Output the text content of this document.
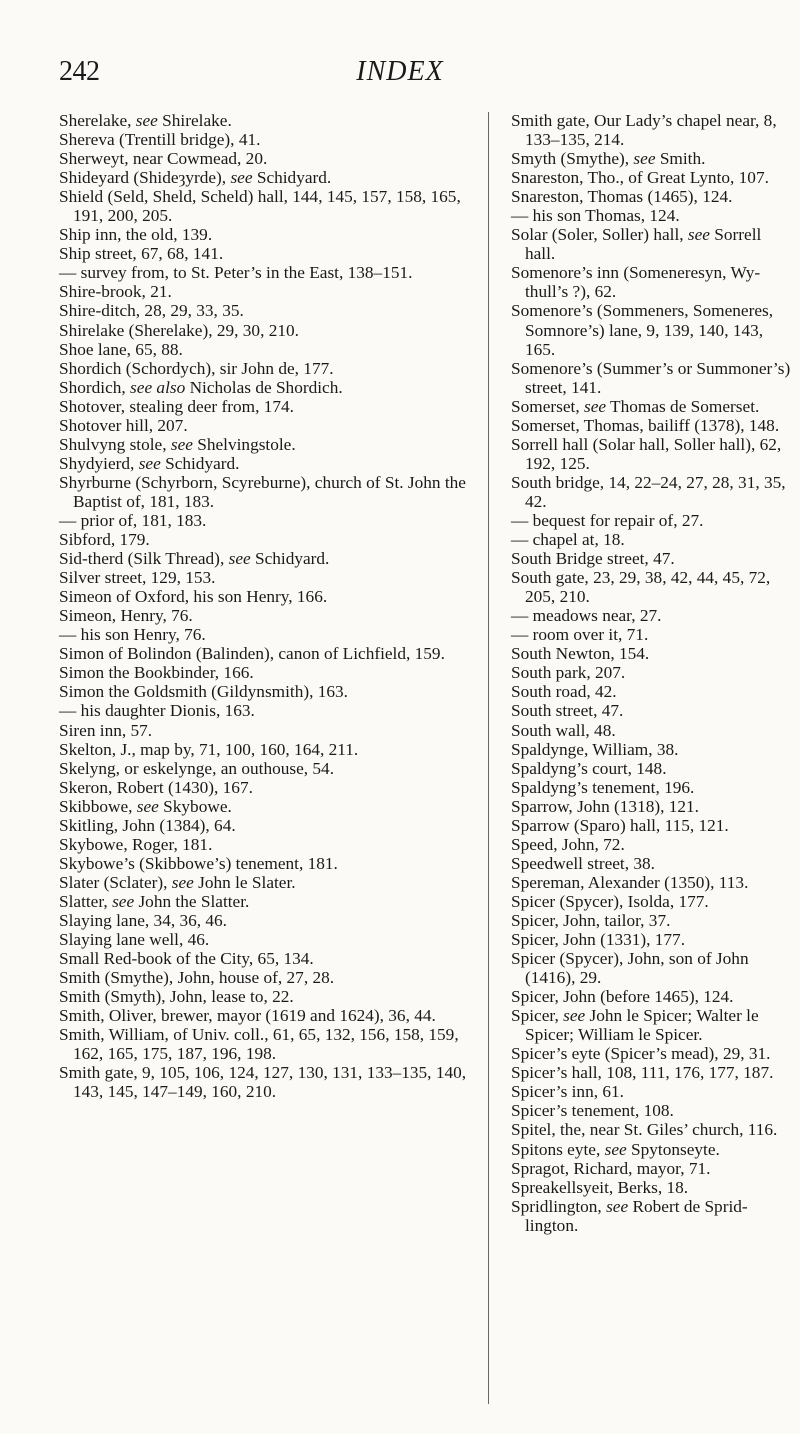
242	INDEX
Sherelake, see Shirelake.
Shereva (Trentill bridge), 41.
Sherweyt, near Cowmead, 20.
Shideyard (Shideȝyrde), see Schidyard.
Shield (Seld, Sheld, Scheld) hall, 144, 145, 157, 158, 165, 191, 200, 205.
Ship inn, the old, 139.
Ship street, 67, 68, 141.
— survey from, to St. Peter’s in the East, 138–151.
Shire-brook, 21.
Shire-ditch, 28, 29, 33, 35.
Shirelake (Sherelake), 29, 30, 210.
Shoe lane, 65, 88.
Shordich (Schordych), sir John de, 177.
Shordich, see also Nicholas de Shordich.
Shotover, stealing deer from, 174.
Shotover hill, 207.
Shulvyng stole, see Shelvingstole.
Shydyierd, see Schidyard.
Shyrburne (Schyrborn, Scyreburne), church of St. John the Baptist of, 181, 183.
— prior of, 181, 183.
Sibford, 179.
Sid-therd (Silk Thread), see Schidyard.
Silver street, 129, 153.
Simeon of Oxford, his son Henry, 166.
Simeon, Henry, 76.
— his son Henry, 76.
Simon of Bolindon (Balinden), canon of Lichfield, 159.
Simon the Bookbinder, 166.
Simon the Goldsmith (Gildynsmith), 163.
— his daughter Dionis, 163.
Siren inn, 57.
Skelton, J., map by, 71, 100, 160, 164, 211.
Skelyng, or eskelynge, an outhouse, 54.
Skeron, Robert (1430), 167.
Skibbowe, see Skybowe.
Skitling, John (1384), 64.
Skybowe, Roger, 181.
Skybowe’s (Skibbowe’s) tenement, 181.
Slater (Sclater), see John le Slater.
Slatter, see John the Slatter.
Slaying lane, 34, 36, 46.
Slaying lane well, 46.
Small Red-book of the City, 65, 134.
Smith (Smythe), John, house of, 27, 28.
Smith (Smyth), John, lease to, 22.
Smith, Oliver, brewer, mayor (1619 and 1624), 36, 44.
Smith, William, of Univ. coll., 61, 65, 132, 156, 158, 159, 162, 165, 175, 187, 196, 198.
Smith gate, 9, 105, 106, 124, 127, 130, 131, 133–135, 140, 143, 145, 147–149, 160, 210.
Smith gate, Our Lady’s chapel near, 8, 133–135, 214.
Smyth (Smythe), see Smith.
Snareston, Tho., of Great Lynto, 107.
Snareston, Thomas (1465), 124.
— his son Thomas, 124.
Solar (Soler, Soller) hall, see Sorrell hall.
Somenore’s inn (Someneresyn, Wy-thull’s ?), 62.
Somenore’s (Sommeners, Someneres, Somnore’s) lane, 9, 139, 140, 143, 165.
Somenore’s (Summer’s or Summoner’s) street, 141.
Somerset, see Thomas de Somerset.
Somerset, Thomas, bailiff (1378), 148.
Sorrell hall (Solar hall, Soller hall), 62, 192, 125.
South bridge, 14, 22–24, 27, 28, 31, 35, 42.
— bequest for repair of, 27.
— chapel at, 18.
South Bridge street, 47.
South gate, 23, 29, 38, 42, 44, 45, 72, 205, 210.
— meadows near, 27.
— room over it, 71.
South Newton, 154.
South park, 207.
South road, 42.
South street, 47.
South wall, 48.
Spaldynge, William, 38.
Spaldyng’s court, 148.
Spaldyng’s tenement, 196.
Sparrow, John (1318), 121.
Sparrow (Sparo) hall, 115, 121.
Speed, John, 72.
Speedwell street, 38.
Spereman, Alexander (1350), 113.
Spicer (Spycer), Isolda, 177.
Spicer, John, tailor, 37.
Spicer, John (1331), 177.
Spicer (Spycer), John, son of John (1416), 29.
Spicer, John (before 1465), 124.
Spicer, see John le Spicer; Walter le Spicer; William le Spicer.
Spicer’s eyte (Spicer’s mead), 29, 31.
Spicer’s hall, 108, 111, 176, 177, 187.
Spicer’s inn, 61.
Spicer’s tenement, 108.
Spitel, the, near St. Giles’ church, 116.
Spitons eyte, see Spytonseyte.
Spragot, Richard, mayor, 71.
Spreakellsyeit, Berks, 18.
Spridlington, see Robert de Sprid-lington.
